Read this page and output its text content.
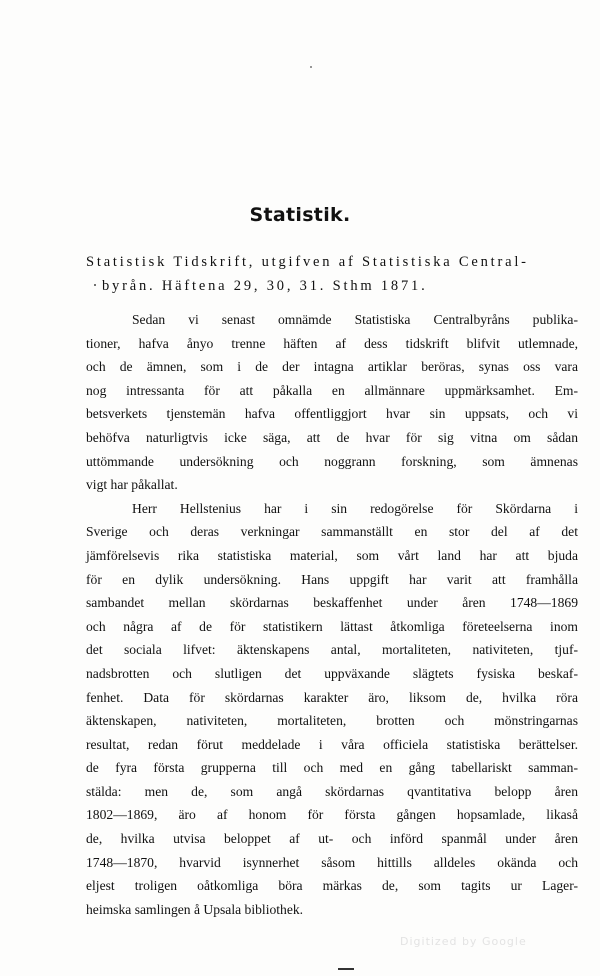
Statistik.
Statistisk Tidskrift, utgifven af Statistiska Central-
byrån. Häftena 29, 30, 31. Sthm 1871.
Sedan vi senast omnämde Statistiska Centralbyråns publika-
tioner, hafva ånyo trenne häften af dess tidskrift blifvit utlemnade,
och de ämnen, som i de der intagna artiklar beröras, synas oss vara
nog intressanta för att påkalla en allmännare uppmärksamhet. Em-
betsverkets tjenstemän hafva offentliggjort hvar sin uppsats, och vi
behöfva naturligtvis icke säga, att de hvar för sig vitna om sådan
uttömmande undersökning och noggrann forskning, som ämnenas
vigt har påkallat.
Herr Hellstenius har i sin redogörelse för Skördarna i
Sverige och deras verkningar sammanställt en stor del af det
jämförelsevis rika statistiska material, som vårt land har att bjuda
för en dylik undersökning. Hans uppgift har varit att framhålla
sambandet mellan skördarnas beskaffenhet under åren 1748—1869
och några af de för statistikern lättast åtkomliga företeelserna inom
det sociala lifvet: äktenskapens antal, mortaliteten, nativiteten, tjuf-
nadsbrotten och slutligen det uppväxande slägtets fysiska beskaf-
fenhet. Data för skördarnas karakter äro, liksom de, hvilka röra
äktenskapen, nativiteten, mortaliteten, brotten och mönstringarnas
resultat, redan förut meddelade i våra officiela statistiska berättelser.
de fyra första grupperna till och med en gång tabellariskt samman-
stälda: men de, som angå skördarnas qvantitativa belopp åren
1802—1869, äro af honom för första gången hopsamlade, likaså
de, hvilka utvisa beloppet af ut- och införd spanmål under åren
1748—1870, hvarvid isynnerhet såsom hittills alldeles okända och
eljest troligen oåtkomliga böra märkas de, som tagits ur Lager-
heimska samlingen å Upsala bibliothek.
Digitized by Google
